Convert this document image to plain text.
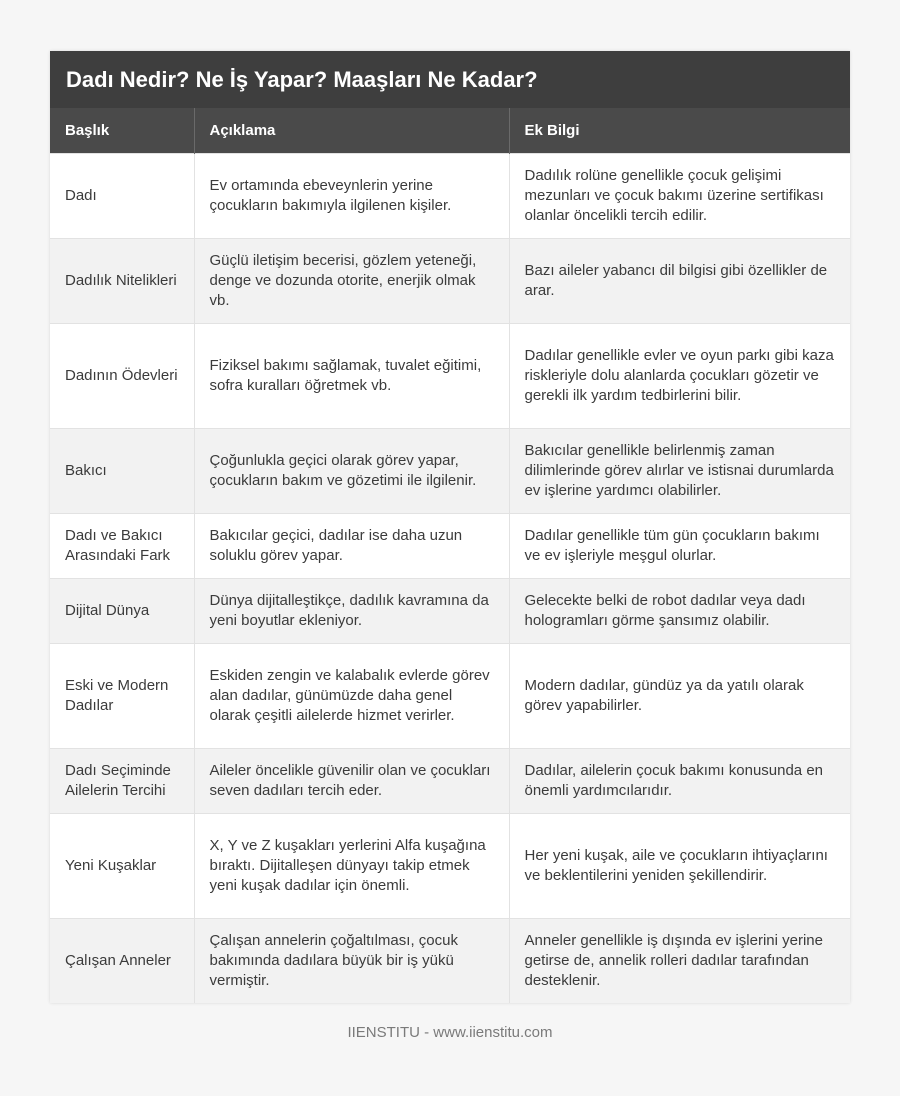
Dadı Nedir? Ne İş Yapar? Maaşları Ne Kadar?
Başlık	Açıklama	Ek Bilgi
Dadı	Ev ortamında ebeveynlerin yerine çocukların bakımıyla ilgilenen kişiler.	Dadılık rolüne genellikle çocuk gelişimi mezunları ve çocuk bakımı üzerine sertifikası olanlar öncelikli tercih edilir.
Dadılık Nitelikleri	Güçlü iletişim becerisi, gözlem yeteneği, denge ve dozunda otorite, enerjik olmak vb.	Bazı aileler yabancı dil bilgisi gibi özellikler de arar.
Dadının Ödevleri	Fiziksel bakımı sağlamak, tuvalet eğitimi, sofra kuralları öğretmek vb.	Dadılar genellikle evler ve oyun parkı gibi kaza riskleriyle dolu alanlarda çocukları gözetir ve gerekli ilk yardım tedbirlerini bilir.
Bakıcı	Çoğunlukla geçici olarak görev yapar, çocukların bakım ve gözetimi ile ilgilenir.	Bakıcılar genellikle belirlenmiş zaman dilimlerinde görev alırlar ve istisnai durumlarda ev işlerine yardımcı olabilirler.
Dadı ve Bakıcı Arasındaki Fark	Bakıcılar geçici, dadılar ise daha uzun soluklu görev yapar.	Dadılar genellikle tüm gün çocukların bakımı ve ev işleriyle meşgul olurlar.
Dijital Dünya	Dünya dijitalleştikçe, dadılık kavramına da yeni boyutlar ekleniyor.	Gelecekte belki de robot dadılar veya dadı hologramları görme şansımız olabilir.
Eski ve Modern Dadılar	Eskiden zengin ve kalabalık evlerde görev alan dadılar, günümüzde daha genel olarak çeşitli ailelerde hizmet verirler.	Modern dadılar, gündüz ya da yatılı olarak görev yapabilirler.
Dadı Seçiminde Ailelerin Tercihi	Aileler öncelikle güvenilir olan ve çocukları seven dadıları tercih eder.	Dadılar, ailelerin çocuk bakımı konusunda en önemli yardımcılarıdır.
Yeni Kuşaklar	X, Y ve Z kuşakları yerlerini Alfa kuşağına bıraktı. Dijitalleşen dünyayı takip etmek yeni kuşak dadılar için önemli.	Her yeni kuşak, aile ve çocukların ihtiyaçlarını ve beklentilerini yeniden şekillendirir.
Çalışan Anneler	Çalışan annelerin çoğaltılması, çocuk bakımında dadılara büyük bir iş yükü vermiştir.	Anneler genellikle iş dışında ev işlerini yerine getirse de, annelik rolleri dadılar tarafından desteklenir.
IIENSTITU - www.iienstitu.com
